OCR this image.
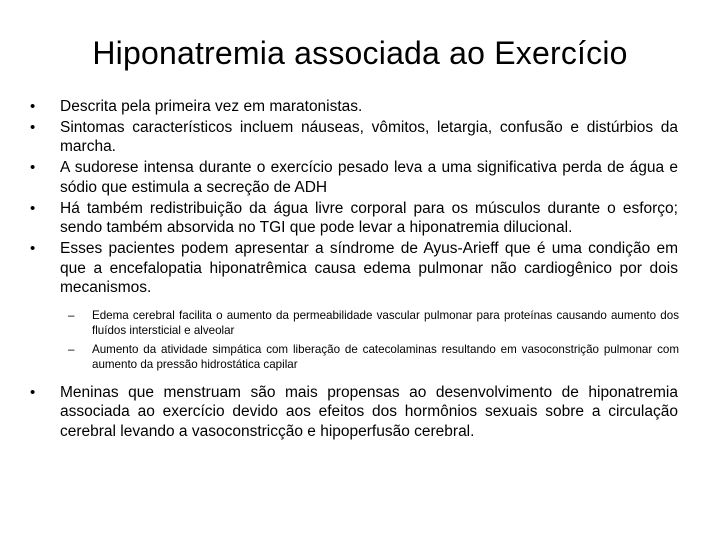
Hiponatremia associada ao Exercício
• Descrita pela primeira vez em maratonistas.
• Sintomas característicos incluem náuseas, vômitos, letargia, confusão e distúrbios da marcha.
• A sudorese intensa durante o exercício pesado leva a uma significativa perda de água e sódio que estimula a secreção de ADH
• Há também redistribuição da água livre corporal para os músculos durante o esforço; sendo também absorvida no TGI que pode levar a hiponatremia dilucional.
• Esses pacientes podem apresentar a síndrome de Ayus-Arieff que é uma condição em que a encefalopatia hiponatrêmica causa edema pulmonar não cardiogênico por dois mecanismos.
– Edema cerebral facilita o aumento da permeabilidade vascular pulmonar para proteínas causando aumento dos fluídos intersticial e alveolar
– Aumento da atividade simpática com liberação de catecolaminas resultando em vasoconstrição pulmonar com aumento da pressão hidrostática capilar
• Meninas que menstruam são mais propensas ao desenvolvimento de hiponatremia associada ao exercício devido aos efeitos dos hormônios sexuais sobre a circulação cerebral levando a vasoconstricção e hipoperfusão cerebral.
